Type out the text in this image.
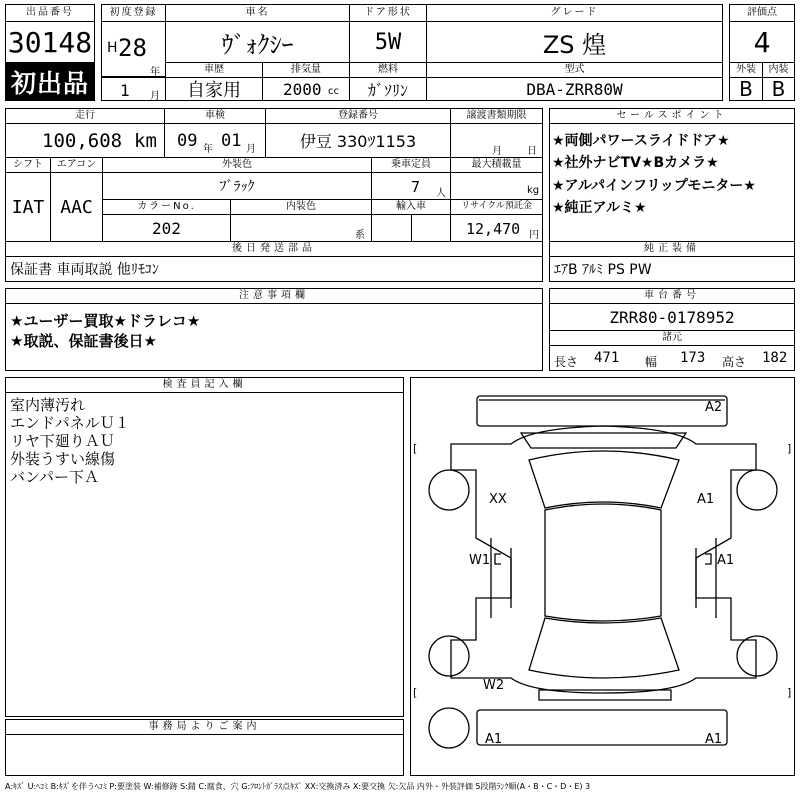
出品番号
30148
初出品
初度登録
H 28
年
1 月
車名
ｳﾞｫｸｼｰ
ドア形状
5W
グレード
ZS 煌
評価点
4
外装	内装
B B
車歴
自家用
排気量
2000 cc
燃料
ｶﾞｿﾘﾝ
型式
DBA-ZRR80W
走行
100,608 km
車検
09 年 01 月
登録番号
伊豆 330ﾂ1153
譲渡書類期限
月	日
シフト
IAT
エアコン
AAC
外装色
ﾌﾞﾗｯｸ
乗車定員
7 人
最大積載量
kg
カラーNo.
202
内装色
系
輸入車	リサイクル預託金
12,470 円
セールスポイント
★両側パワースライドドア★
★社外ナビTV★Bカメラ★
★アルパインフリップモニター★
★純正アルミ★
後日発送部品
保証書 車両取説 他ﾘﾓｺﾝ
純正装備
ｴｱB ｱﾙﾐ PS PW
注意事項欄
★ユーザー買取★ドラレコ★
★取説、保証書後日★
車台番号
ZRR80-0178952
諸元
長さ 471 幅 173 高さ 182
検査員記入欄
室内薄汚れ
エンドパネルＵ１
リヤ下廻りＡＵ
外装うすい線傷
バンパー下Ａ
事務局よりご案内
[	]
[	]
A2
XX	A1
W1	A1
W2
A1	A1
A:ｷｽﾞ U:ﾍｺﾐ B:ｷｽﾞを伴うﾍｺﾐ P:要塗装 W:補修跡 S:錆 C:腐食、穴 G:ﾌﾛﾝﾄｶﾞﾗｽ点ｷｽﾞ XX:交換済み X:要交換 欠:欠品 内外・外装評価 5段階ﾗﾝｸ順(A・B・C・D・E) 3
